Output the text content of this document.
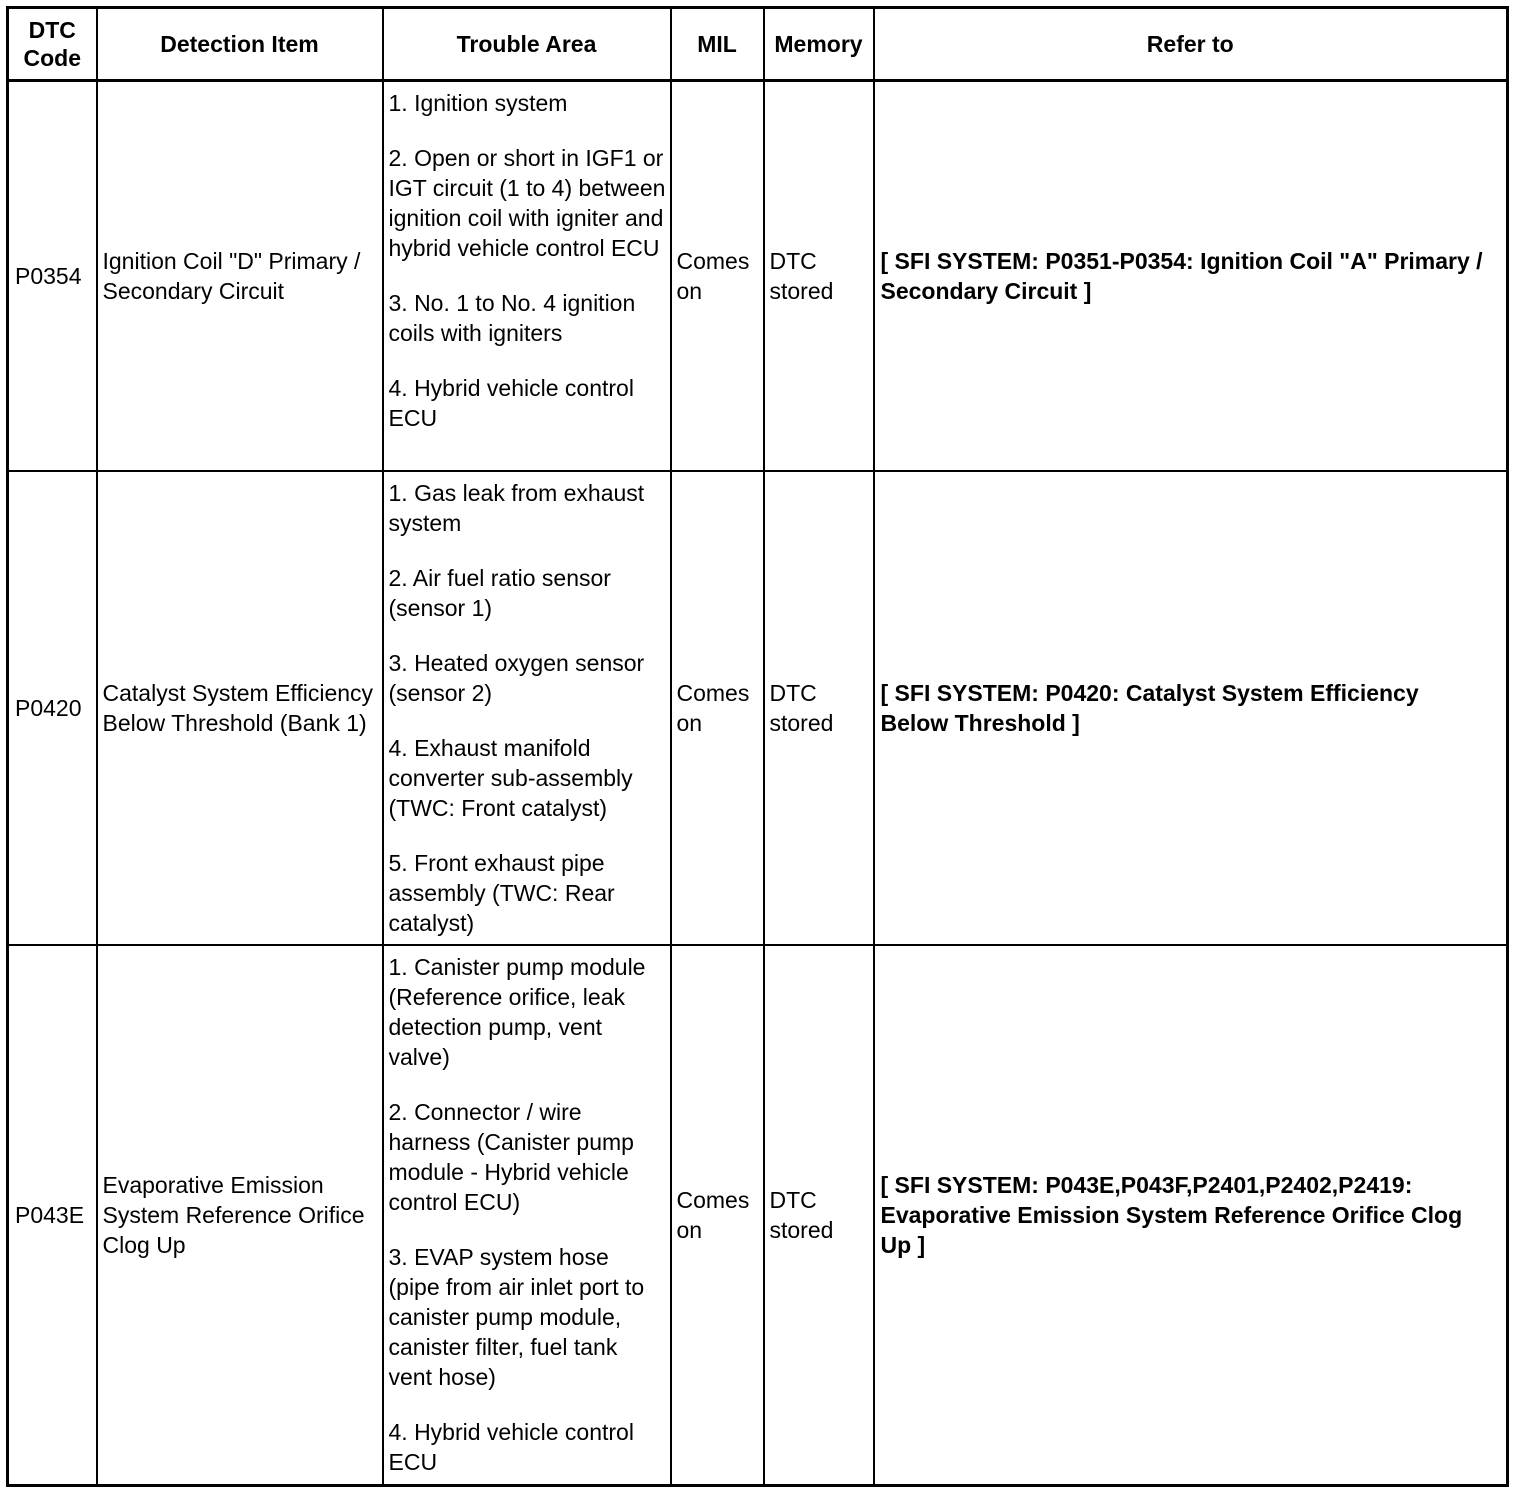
DTC
Code	Detection Item	Trouble Area	MIL	Memory	Refer to
P0354	Ignition Coil "D" Primary / Secondary Circuit	1. Ignition system
2. Open or short in IGF1 or IGT circuit (1 to 4) between ignition coil with igniter and hybrid vehicle control ECU
3. No. 1 to No. 4 ignition coils with igniters
4. Hybrid vehicle control ECU	Comes on	DTC stored	[ SFI SYSTEM: P0351-P0354: Ignition Coil "A" Primary / Secondary Circuit ]

P0420	Catalyst System Efficiency Below Threshold (Bank 1)	1. Gas leak from exhaust system
2. Air fuel ratio sensor (sensor 1)
3. Heated oxygen sensor (sensor 2)
4. Exhaust manifold converter sub-assembly (TWC: Front catalyst)
5. Front exhaust pipe assembly (TWC: Rear catalyst)	Comes on	DTC stored	[ SFI SYSTEM: P0420: Catalyst System Efficiency Below Threshold ]

P043E	Evaporative Emission System Reference Orifice Clog Up	1. Canister pump module (Reference orifice, leak detection pump, vent valve)
2. Connector / wire harness (Canister pump module - Hybrid vehicle control ECU)
3. EVAP system hose (pipe from air inlet port to canister pump module, canister filter, fuel tank vent hose)
4. Hybrid vehicle control ECU	Comes on	DTC stored	[ SFI SYSTEM: P043E,P043F,P2401,P2402,P2419: Evaporative Emission System Reference Orifice Clog Up ]
